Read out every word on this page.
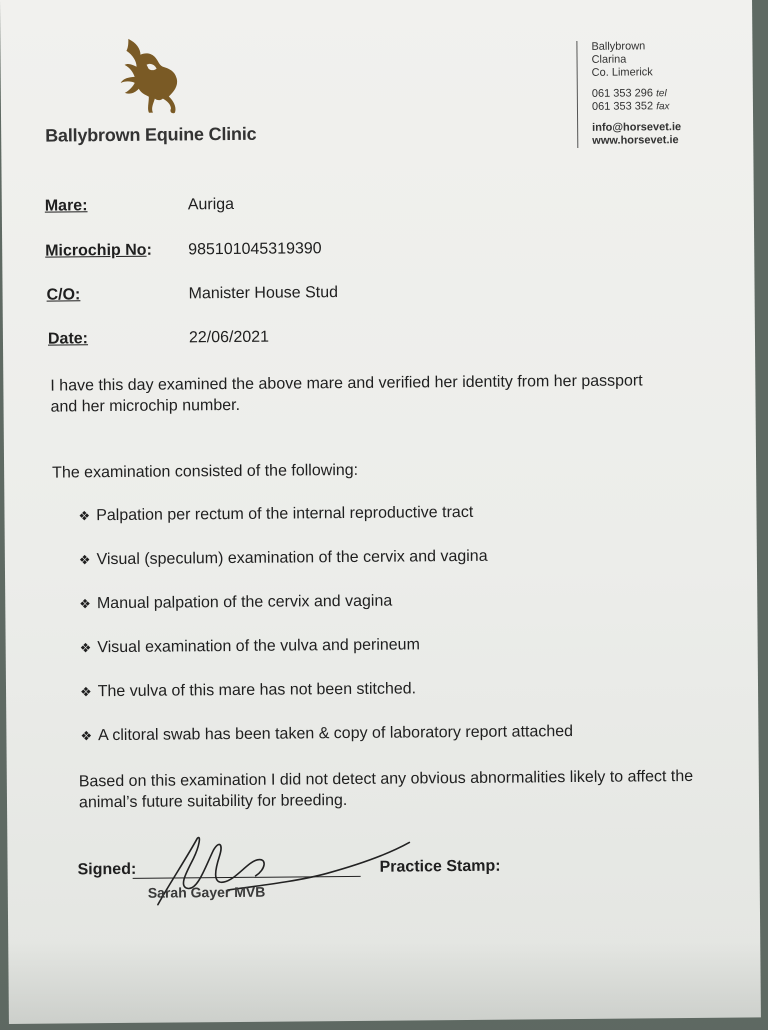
Ballybrown Equine Clinic
Ballybrown
Clarina
Co. Limerick
061 353 296 tel
061 353 352 fax
info@horsevet.ie
www.horsevet.ie
Mare:	Auriga
Microchip No: 985101045319390
C/O:	Manister House Stud
Date:	22/06/2021
I have this day examined the above mare and verified her identity from her passport
and her microchip number.
The examination consisted of the following:
❖ Palpation per rectum of the internal reproductive tract
❖ Visual (speculum) examination of the cervix and vagina
❖ Manual palpation of the cervix and vagina
❖ Visual examination of the vulva and perineum
❖ The vulva of this mare has not been stitched.
❖ A clitoral swab has been taken & copy of laboratory report attached
Based on this examination I did not detect any obvious abnormalities likely to affect the
animal’s future suitability for breeding.
Signed:
Sarah Gayer MVB
Practice Stamp:
